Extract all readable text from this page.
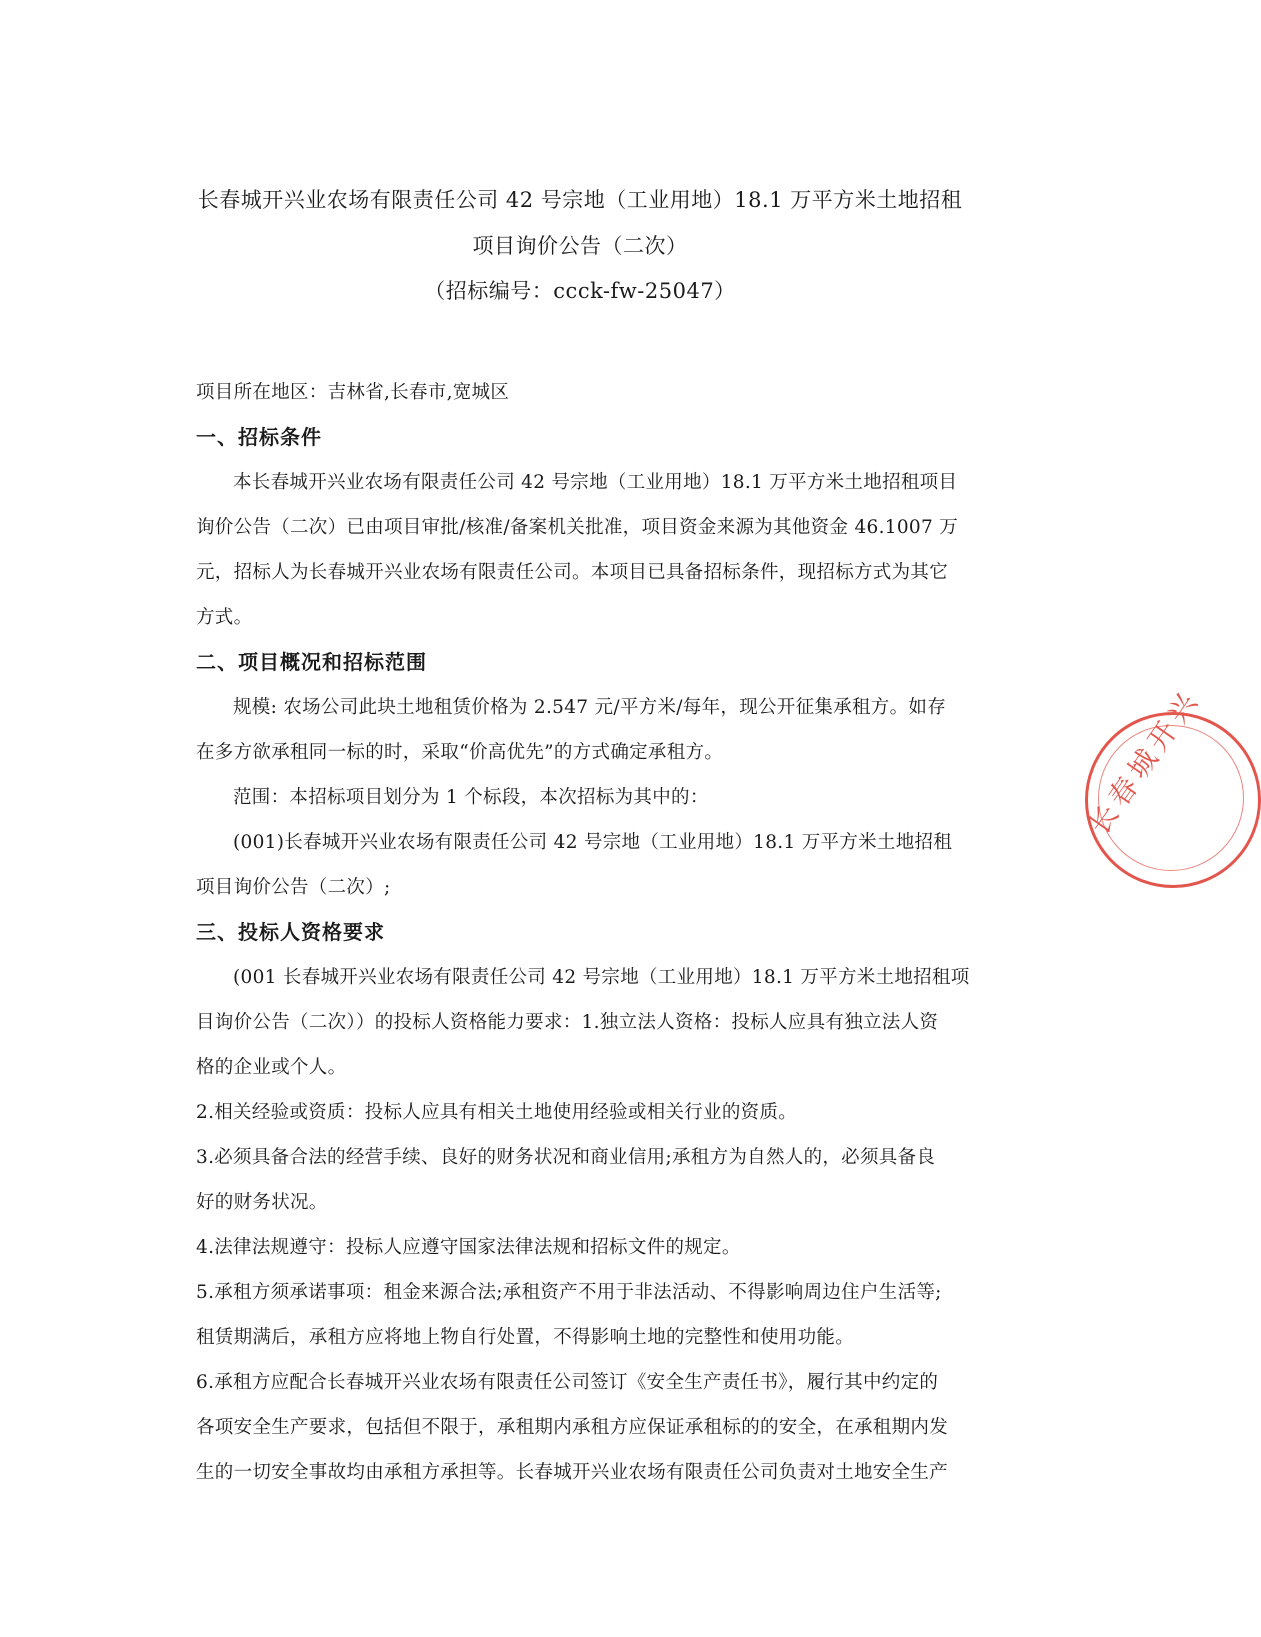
长春城开兴业农场有限责任公司 42 号宗地（工业用地）18.1 万平方米土地招租
项目询价公告（二次）
（招标编号：ccck-fw-25047）
项目所在地区：吉林省,长春市,宽城区
一、招标条件
本长春城开兴业农场有限责任公司 42 号宗地（工业用地）18.1 万平方米土地招租项目
询价公告（二次）已由项目审批/核准/备案机关批准，项目资金来源为其他资金 46.1007 万
元，招标人为长春城开兴业农场有限责任公司。本项目已具备招标条件，现招标方式为其它
方式。
二、项目概况和招标范围
规模: 农场公司此块土地租赁价格为 2.547 元/平方米/每年，现公开征集承租方。如存
在多方欲承租同一标的时，采取“价高优先”的方式确定承租方。
范围：本招标项目划分为 1 个标段，本次招标为其中的：
(001)长春城开兴业农场有限责任公司 42 号宗地（工业用地）18.1 万平方米土地招租
项目询价公告（二次）;
三、投标人资格要求
(001 长春城开兴业农场有限责任公司 42 号宗地（工业用地）18.1 万平方米土地招租项
目询价公告（二次））的投标人资格能力要求：1.独立法人资格：投标人应具有独立法人资
格的企业或个人。
2.相关经验或资质：投标人应具有相关土地使用经验或相关行业的资质。
3.必须具备合法的经营手续、良好的财务状况和商业信用;承租方为自然人的，必须具备良
好的财务状况。
4.法律法规遵守：投标人应遵守国家法律法规和招标文件的规定。
5.承租方须承诺事项：租金来源合法;承租资产不用于非法活动、不得影响周边住户生活等;
租赁期满后，承租方应将地上物自行处置，不得影响土地的完整性和使用功能。
6.承租方应配合长春城开兴业农场有限责任公司签订《安全生产责任书》，履行其中约定的
各项安全生产要求，包括但不限于，承租期内承租方应保证承租标的的安全，在承租期内发
生的一切安全事故均由承租方承担等。长春城开兴业农场有限责任公司负责对土地安全生产
长春城开兴
